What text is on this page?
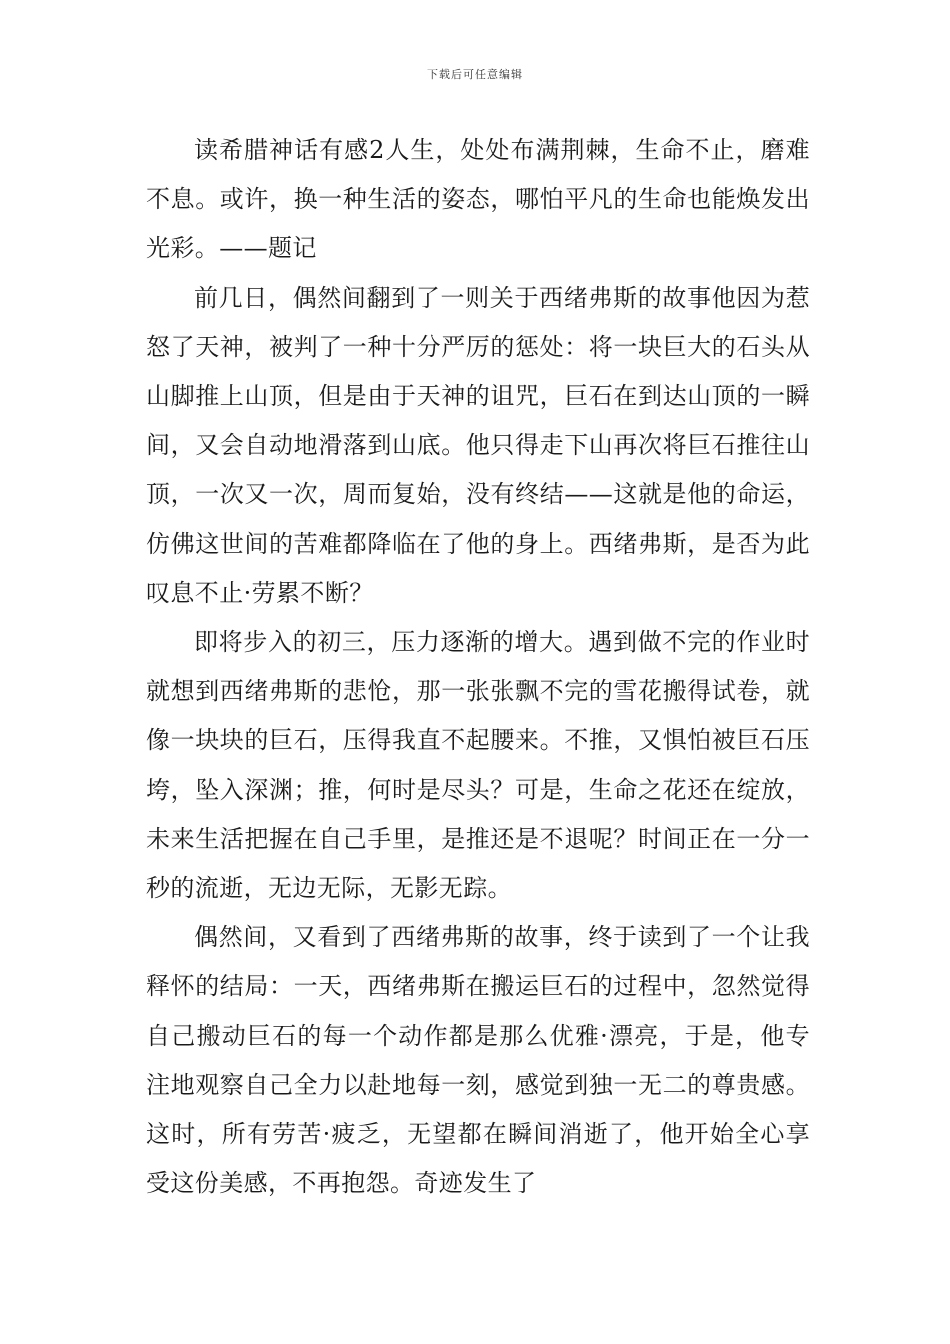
下载后可任意编辑

读希腊神话有感2人生，处处布满荆棘，生命不止，磨难不息。或许，换一种生活的姿态，哪怕平凡的生命也能焕发出光彩。——题记

前几日，偶然间翻到了一则关于西绪弗斯的故事他因为惹怒了天神，被判了一种十分严厉的惩处：将一块巨大的石头从山脚推上山顶，但是由于天神的诅咒，巨石在到达山顶的一瞬间，又会自动地滑落到山底。他只得走下山再次将巨石推往山顶，一次又一次，周而复始，没有终结——这就是他的命运，仿佛这世间的苦难都降临在了他的身上。西绪弗斯，是否为此叹息不止·劳累不断？

即将步入的初三，压力逐渐的增大。遇到做不完的作业时就想到西绪弗斯的悲怆，那一张张飘不完的雪花搬得试卷，就像一块块的巨石，压得我直不起腰来。不推，又惧怕被巨石压垮，坠入深渊；推，何时是尽头？可是，生命之花还在绽放，未来生活把握在自己手里，是推还是不退呢？时间正在一分一秒的流逝，无边无际，无影无踪。

偶然间，又看到了西绪弗斯的故事，终于读到了一个让我释怀的结局：一天，西绪弗斯在搬运巨石的过程中，忽然觉得自己搬动巨石的每一个动作都是那么优雅·漂亮，于是，他专注地观察自己全力以赴地每一刻，感觉到独一无二的尊贵感。这时，所有劳苦·疲乏，无望都在瞬间消逝了，他开始全心享受这份美感，不再抱怨。奇迹发生了
